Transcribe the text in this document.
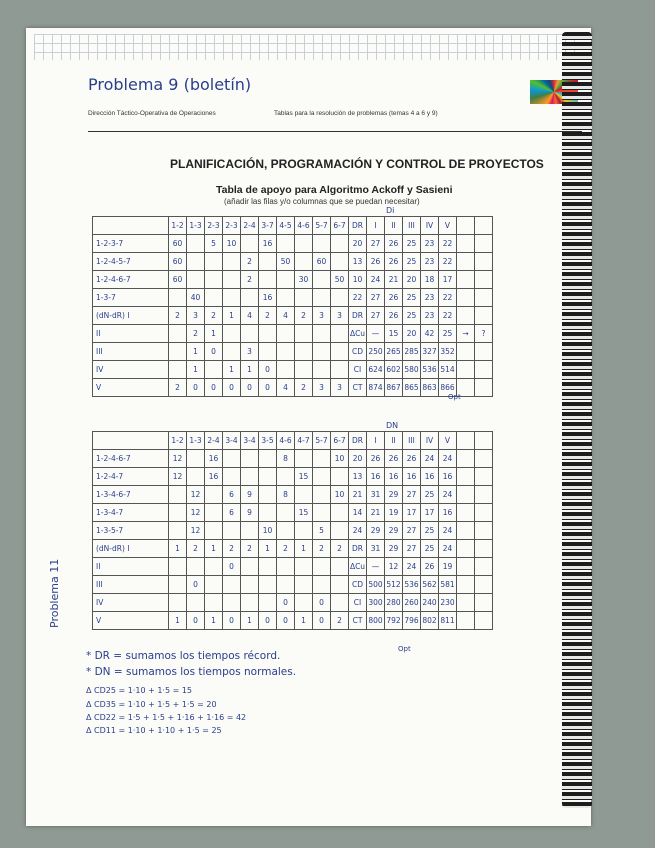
Problema 9 (boletín)
Dirección Táctico-Operativa de Operaciones	Tablas para la resolución de problemas (temas 4 a 6 y 9)
PLANIFICACIÓN, PROGRAMACIÓN Y CONTROL DE PROYECTOS
Tabla de apoyo para Algoritmo Ackoff y Sasieni
(añadir las filas y/o columnas que se puedan necesitar)
Di
	1-2	1-3	2-3	2-3	2-4	3-7	4-5	4-6	5-7	6-7	DR	I	II	III	IV	V		
1-2-3-7	60		5	10		16					20	27	26	25	23	22		
1-2-4-5-7	60				2		50		60		13	26	26	25	23	22		
1-2-4-6-7	60				2			30		50	10	24	21	20	18	17		
1-3-7		40				16					22	27	26	25	23	22		
(dN-dR) I	2	3	2	1	4	2	4	2	3	3	DR	27	26	25	23	22		
II		2	1								ΔCu	—	15	20	42	25	→	?
III		1	0		3						CD	250	265	285	327	352		
IV		1		1	1	0					CI	624	602	580	536	514		
V	2	0	0	0	0	0	4	2	3	3	CT	874	867	865	863	866		
Opt
DN
	1-2	1-3	2-4	3-4	3-4	3-5	4-6	4-7	5-7	6-7	DR	I	II	III	IV	V		
1-2-4-6-7	12		16				8			10	20	26	26	26	24	24		
1-2-4-7	12		16					15			13	16	16	16	16	16		
1-3-4-6-7		12		6	9		8			10	21	31	29	27	25	24		
1-3-4-7		12		6	9			15			14	21	19	17	17	16		
1-3-5-7		12				10			5		24	29	29	27	25	24		
(dN-dR) I	1	2	1	2	2	1	2	1	2	2	DR	31	29	27	25	24		
II				0							ΔCu	—	12	24	26	19		
III		0									CD	500	512	536	562	581		
IV							0		0		CI	300	280	260	240	230		
V	1	0	1	0	1	0	0	1	0	2	CT	800	792	796	802	811		
Opt
Problema 11
* DR = sumamos los tiempos récord.
* DN = sumamos los tiempos normales.
Δ CD25 = 1·10 + 1·5 = 15
Δ CD35 = 1·10 + 1·5 + 1·5 = 20
Δ CD22 = 1·5 + 1·5 + 1·16 + 1·16 = 42
Δ CD11 = 1·10 + 1·10 + 1·5 = 25
